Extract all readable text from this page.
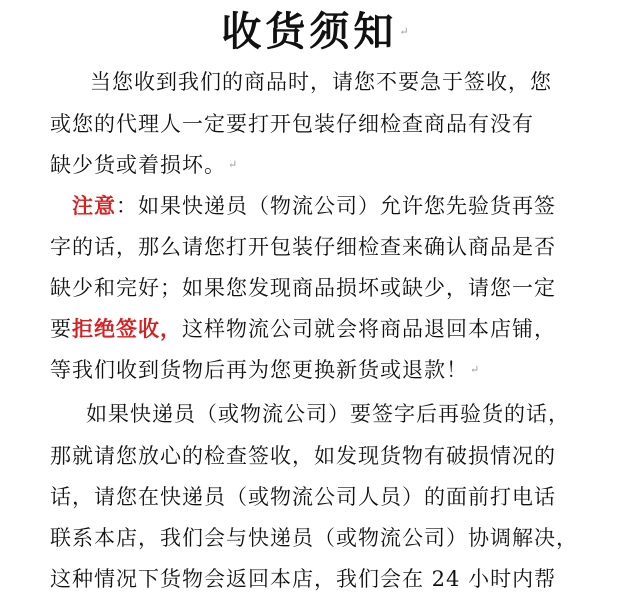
收货须知 ↵
当您收到我们的商品时，请您不要急于签收，您
或您的代理人一定要打开包装仔细检查商品有没有
缺少货或着损坏。 ↵
注意：如果快递员（物流公司）允许您先验货再签
字的话，那么请您打开包装仔细检查来确认商品是否
缺少和完好；如果您发现商品损坏或缺少，请您一定
要拒绝签收，这样物流公司就会将商品退回本店铺，
等我们收到货物后再为您更换新货或退款！ ↵
如果快递员（或物流公司）要签字后再验货的话，
那就请您放心的检查签收，如发现货物有破损情况的
话，请您在快递员（或物流公司人员）的面前打电话
联系本店，我们会与快递员（或物流公司）协调解决，
这种情况下货物会返回本店，我们会在 24 小时内帮
